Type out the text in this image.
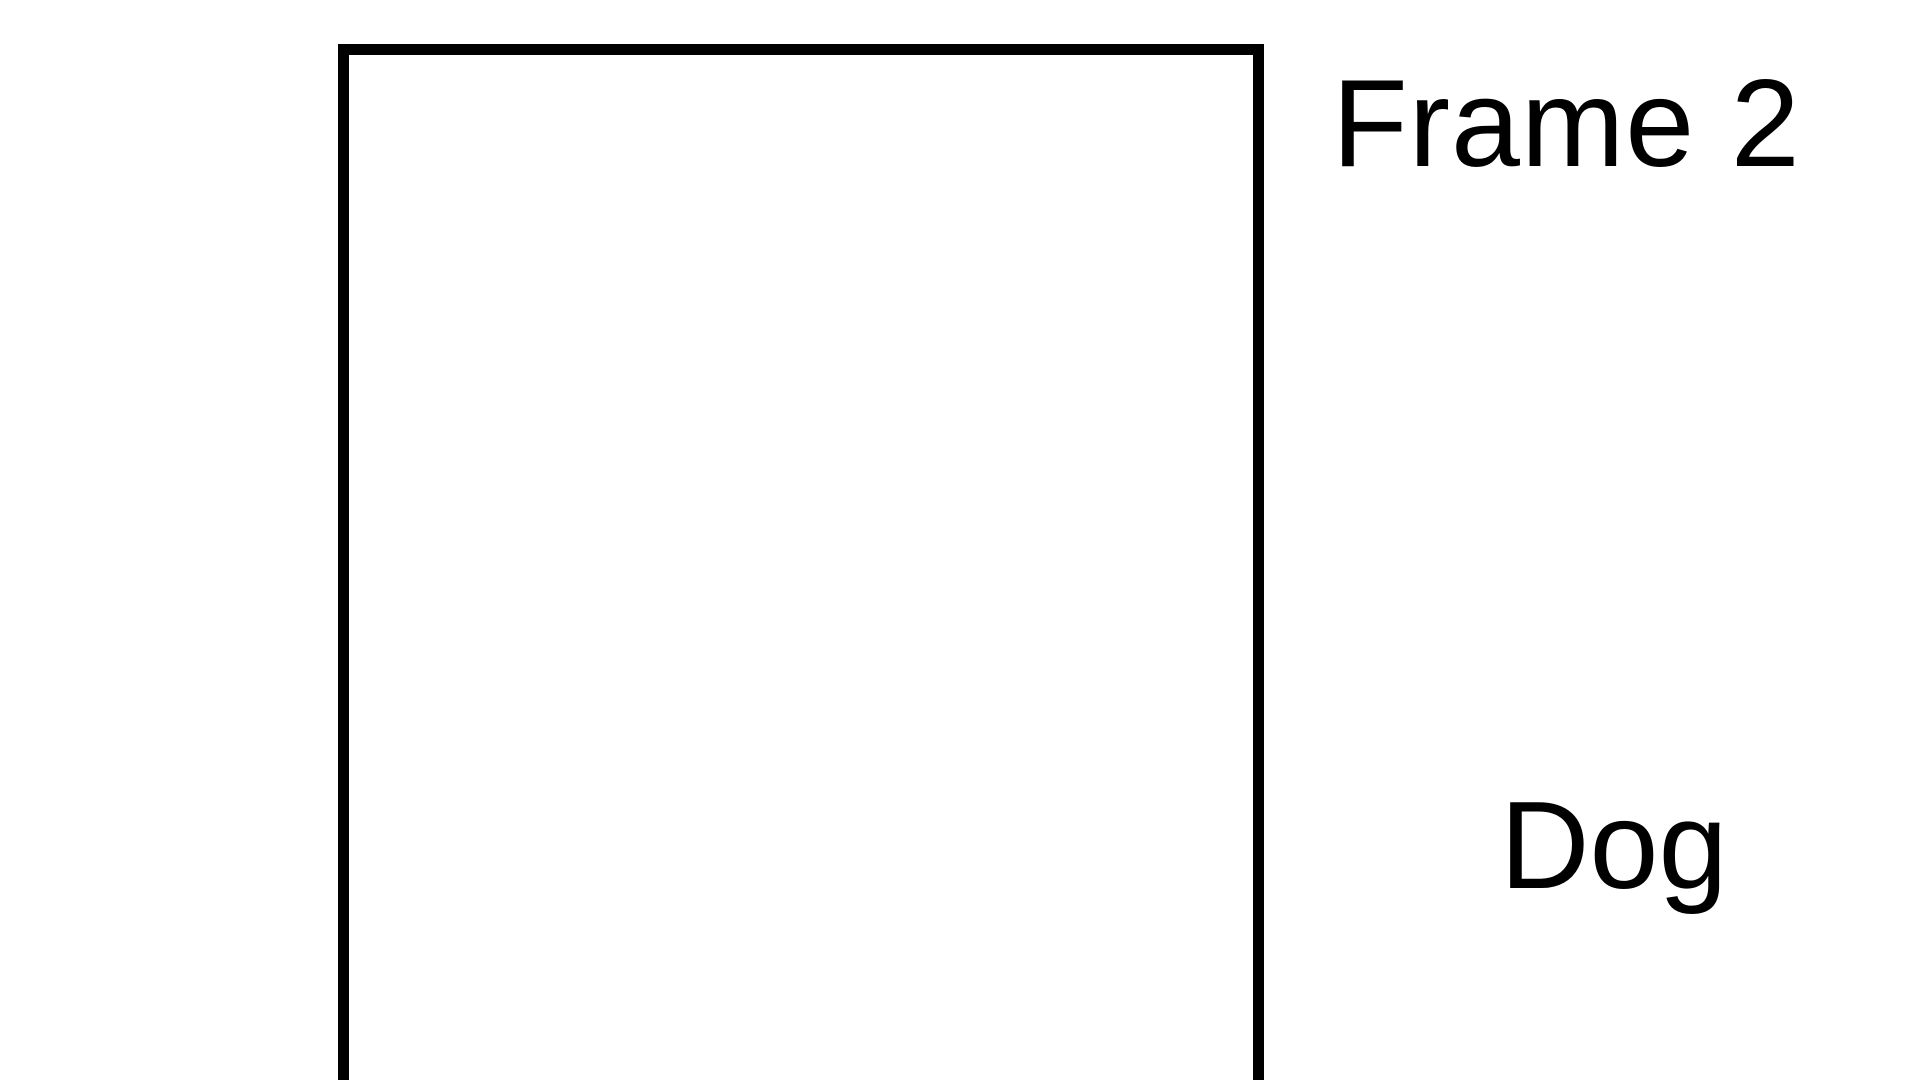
Frame 2
Dog
